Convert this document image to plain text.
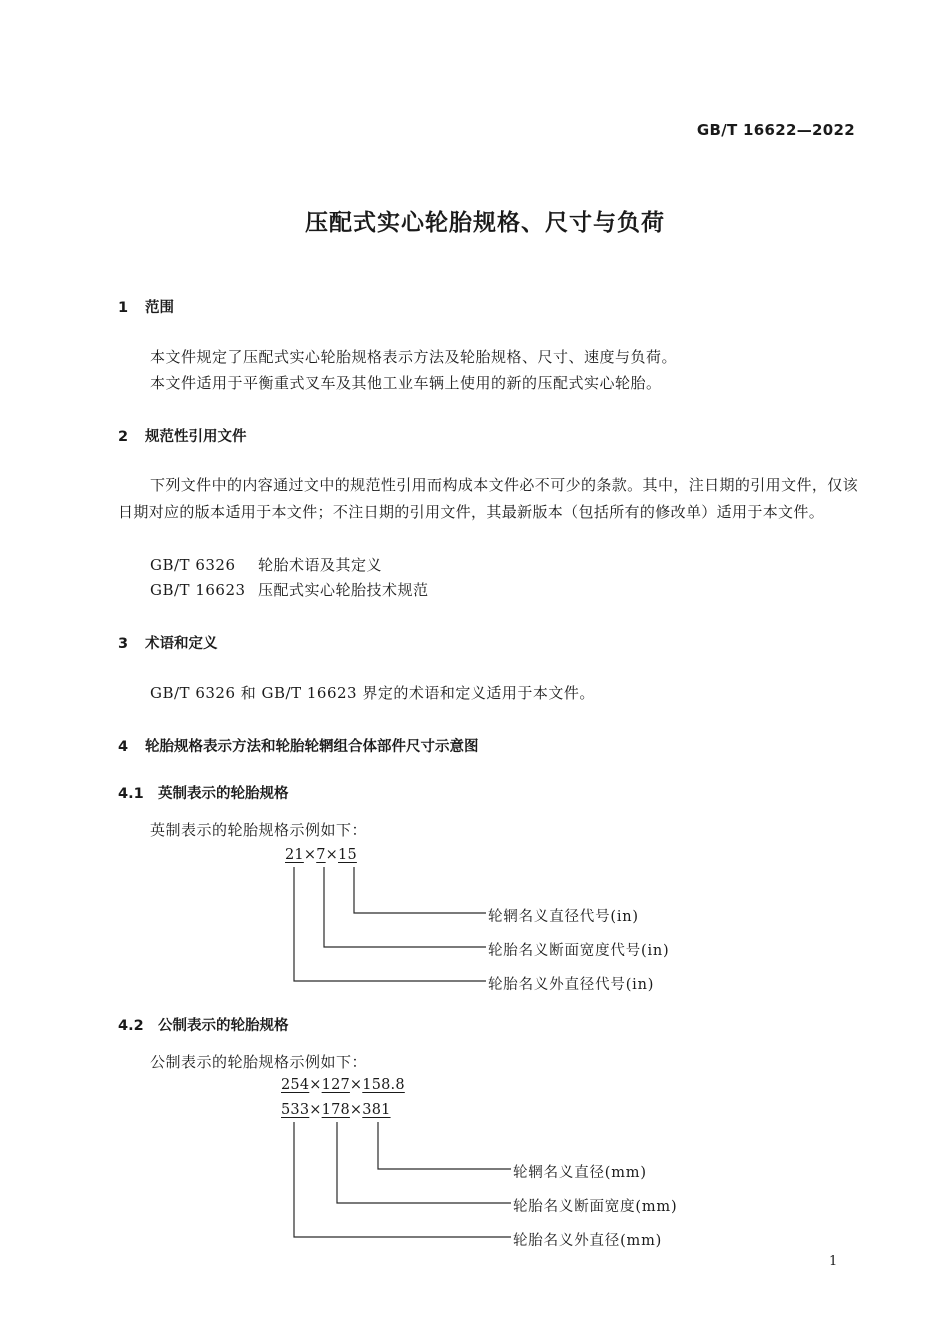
GB/T 16622—2022
压配式实心轮胎规格、尺寸与负荷
1 范围
本文件规定了压配式实心轮胎规格表示方法及轮胎规格、尺寸、速度与负荷。
本文件适用于平衡重式叉车及其他工业车辆上使用的新的压配式实心轮胎。
2 规范性引用文件
下列文件中的内容通过文中的规范性引用而构成本文件必不可少的条款。其中，注日期的引用文件，仅该日期对应的版本适用于本文件；不注日期的引用文件，其最新版本（包括所有的修改单）适用于本文件。
GB/T 6326 轮胎术语及其定义
GB/T 16623 压配式实心轮胎技术规范
3 术语和定义
GB/T 6326 和 GB/T 16623 界定的术语和定义适用于本文件。
4 轮胎规格表示方法和轮胎轮辋组合体部件尺寸示意图
4.1 英制表示的轮胎规格
英制表示的轮胎规格示例如下：
21×7×15
轮辋名义直径代号(in)
轮胎名义断面宽度代号(in)
轮胎名义外直径代号(in)
4.2 公制表示的轮胎规格
公制表示的轮胎规格示例如下：
254×127×158.8
533×178×381
轮辋名义直径(mm)
轮胎名义断面宽度(mm)
轮胎名义外直径(mm)
1
